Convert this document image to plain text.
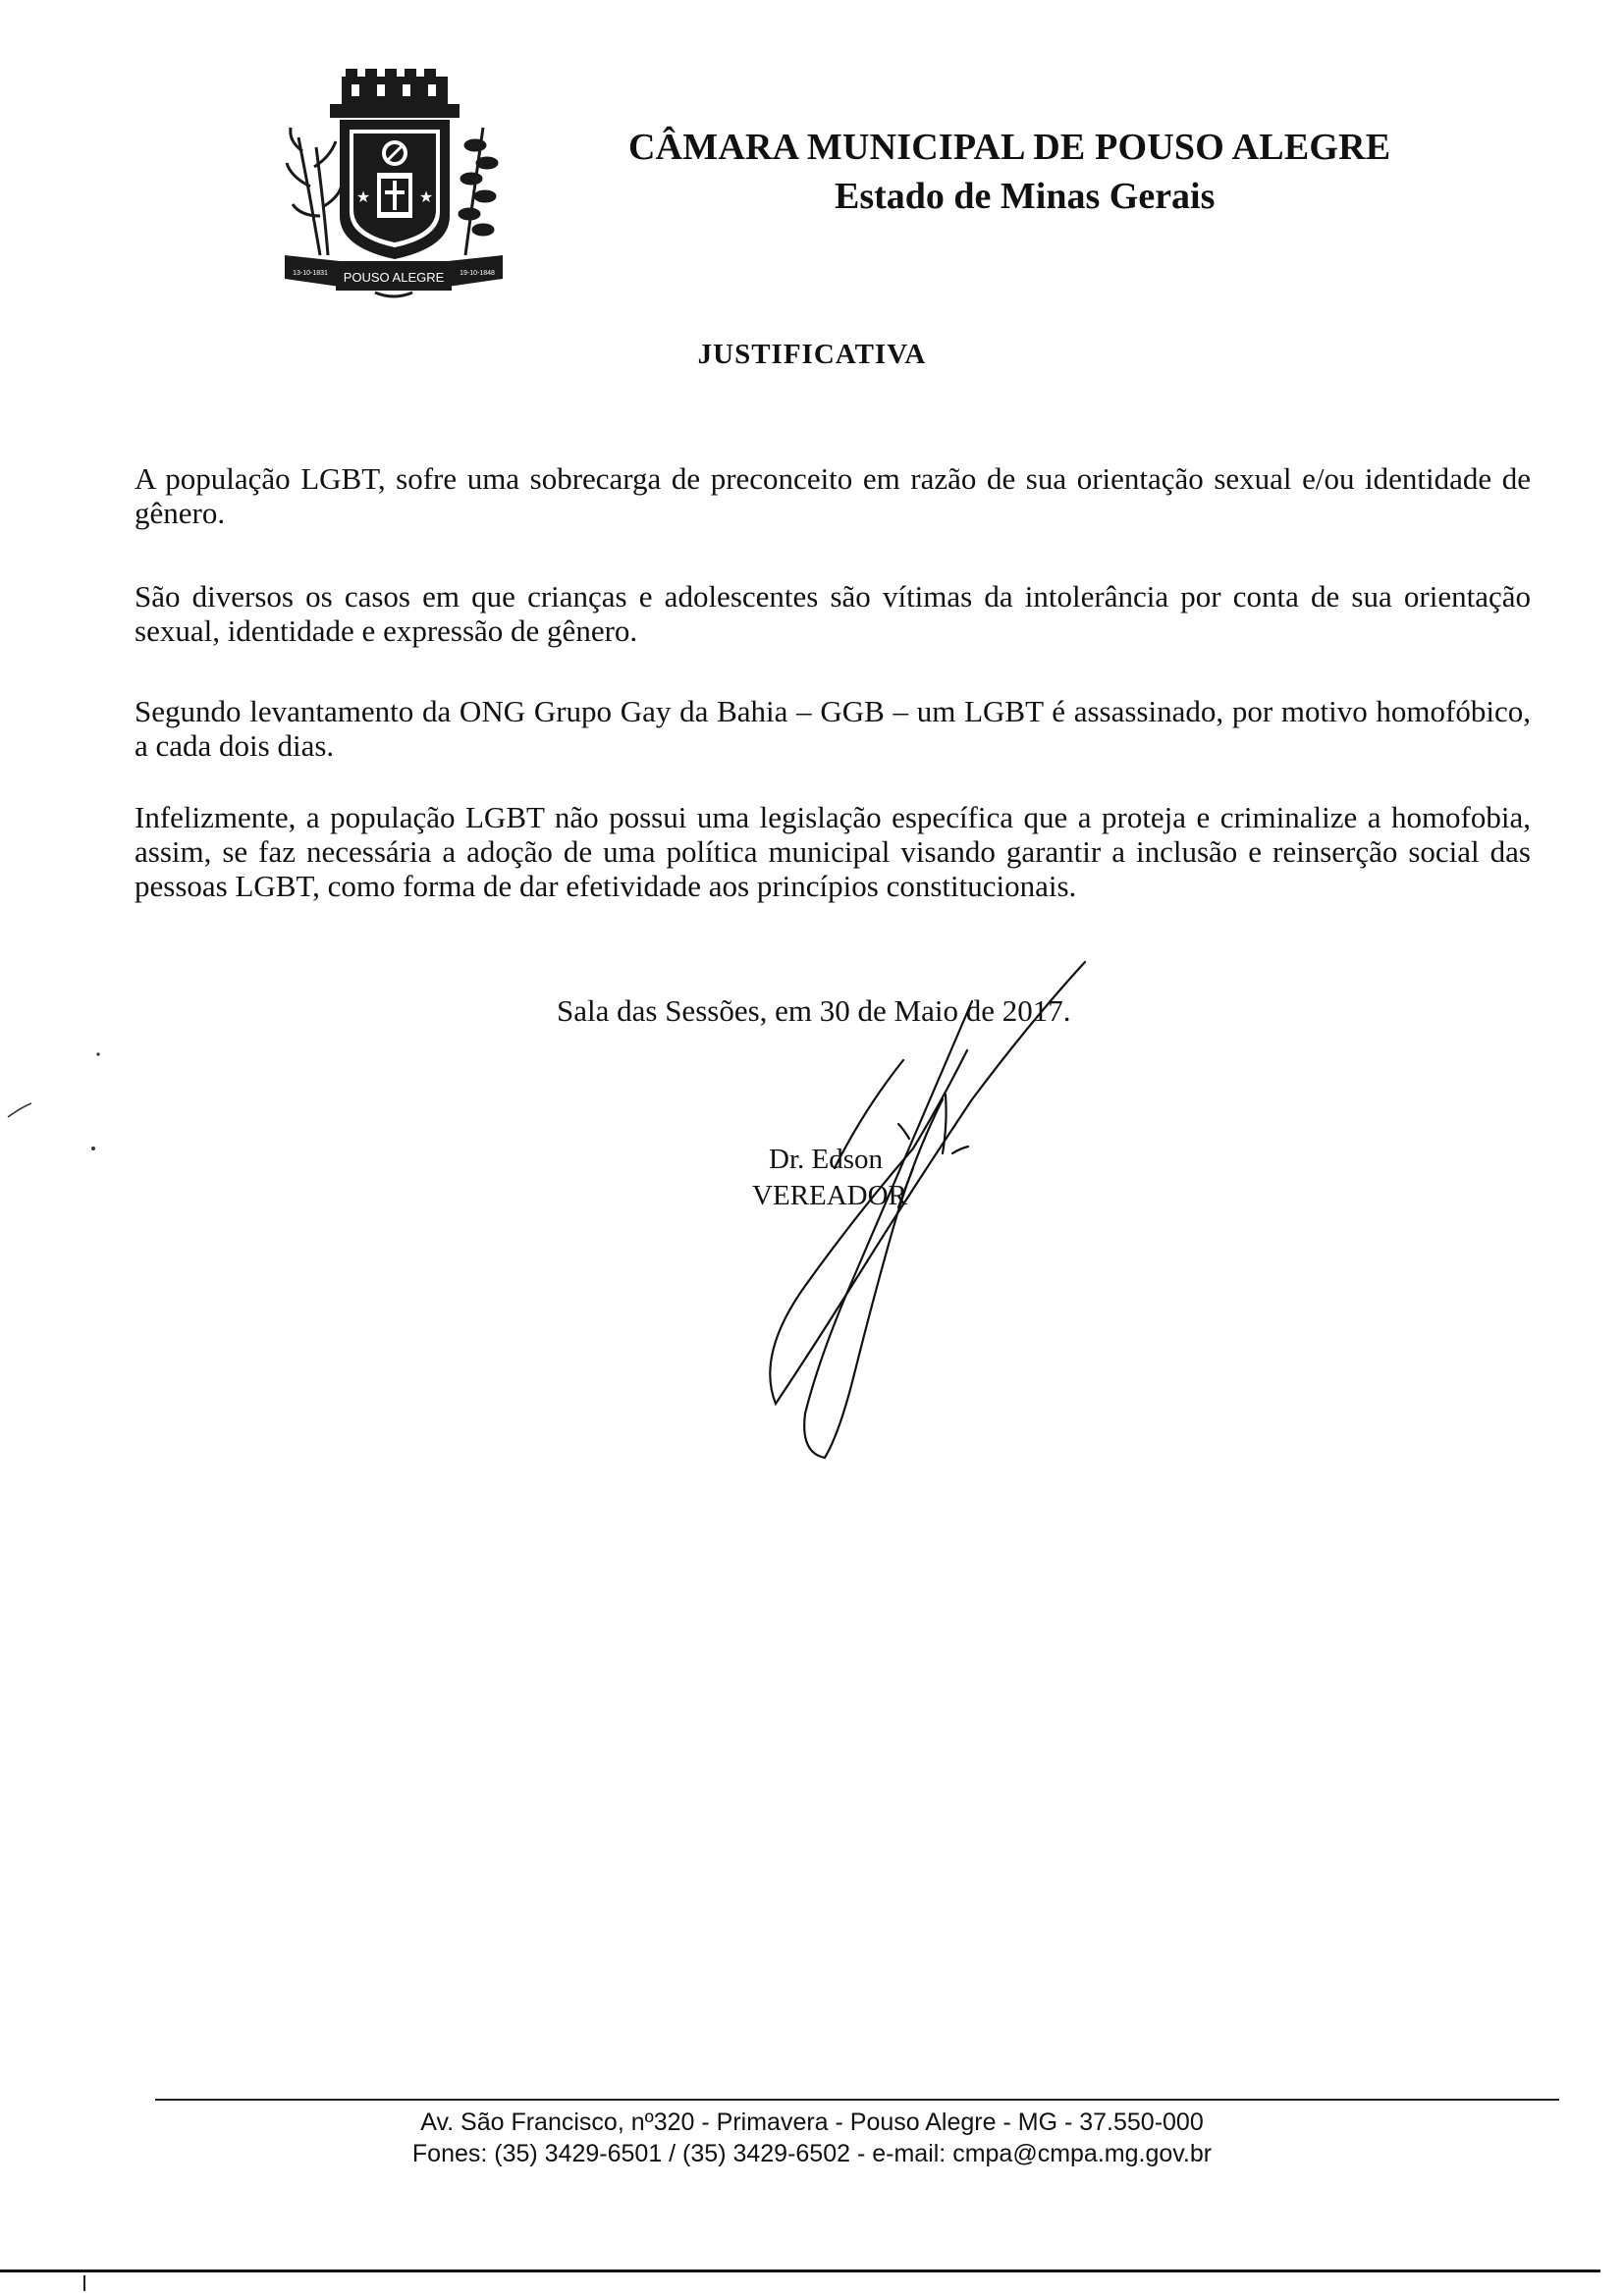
★	★
13-10-1831	19-10-1848
POUSO ALEGRE
CÂMARA MUNICIPAL DE POUSO ALEGRE
Estado de Minas Gerais
JUSTIFICATIVA

A população LGBT, sofre uma sobrecarga de preconceito em razão de sua orientação sexual e/ou identidade de gênero.

São diversos os casos em que crianças e adolescentes são vítimas da intolerância por conta de sua orientação sexual, identidade e expressão de gênero.

Segundo levantamento da ONG Grupo Gay da Bahia – GGB – um LGBT é assassinado, por motivo homofóbico, a cada dois dias.

Infelizmente, a população LGBT não possui uma legislação específica que a proteja e criminalize a homofobia, assim, se faz necessária a adoção de uma política municipal visando garantir a inclusão e reinserção social das pessoas LGBT, como forma de dar efetividade aos princípios constitucionais.

Sala das Sessões, em 30 de Maio de 2017.
Dr. Edson
VEREADOR
Av. São Francisco, nº320 - Primavera - Pouso Alegre - MG - 37.550-000
Fones: (35) 3429-6501 / (35) 3429-6502 - e-mail: cmpa@cmpa.mg.gov.br
